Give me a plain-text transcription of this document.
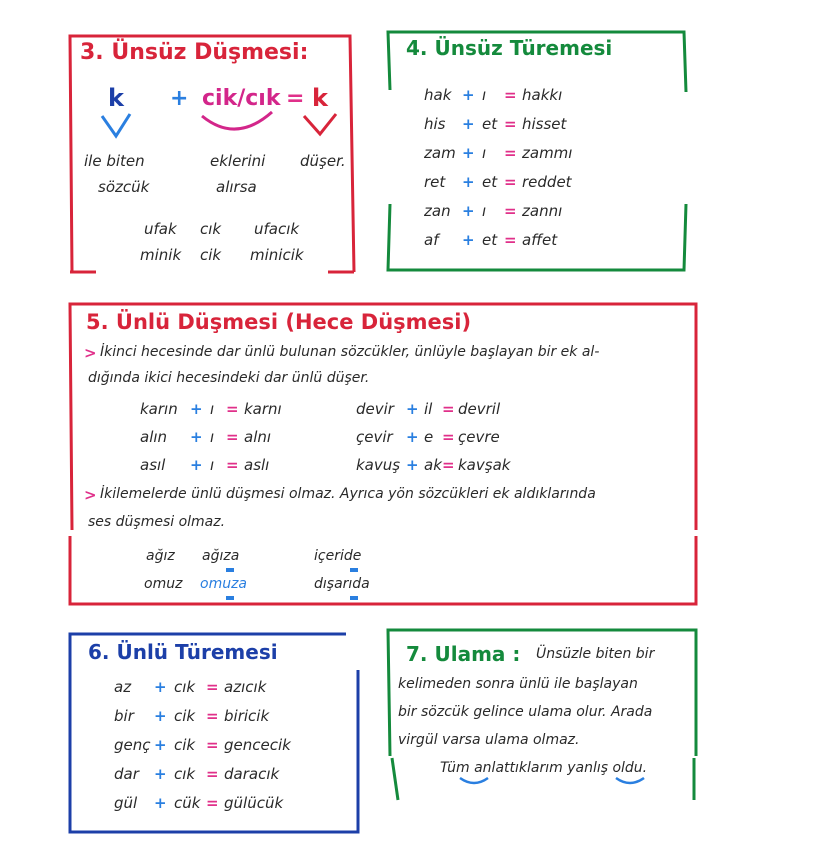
3. Ünsüz Düşmesi:
k + cik/cık = k
ile biten	eklerini düşer.
sözcük	alırsa
ufak cık ufacık
minik cik minicik
4. Ünsüz Türemesi
hak + ı = hakkı
his + et = hisset
zam + ı = zammı
ret + et = reddet
zan + ı = zannı
af + et = affet
5. Ünlü Düşmesi (Hece Düşmesi)
> İkinci hecesinde dar ünlü bulunan sözcükler, ünlüyle başlayan bir ek al-
dığında ikici hecesindeki dar ünlü düşer.
karın + ı = karnı
alın + ı = alnı
asıl + ı = aslı
devir + il = devril
çevir + e = çevre
kavuş + ak = kavşak
> İkilemelerde ünlü düşmesi olmaz. Ayrıca yön sözcükleri ek aldıklarında
ses düşmesi olmaz.
ağız ağıza	içeride
omuz omuza	dışarıda
6. Ünlü Türemesi
az + cık = azıcık
bir + cik = biricik
genç + cik = gencecik
dar + cık = daracık
gül + cük = gülücük
7. Ulama : Ünsüzle biten bir
kelimeden sonra ünlü ile başlayan
bir sözcük gelince ulama olur. Arada
virgül varsa ulama olmaz.
Tüm anlattıklarım yanlış oldu.
